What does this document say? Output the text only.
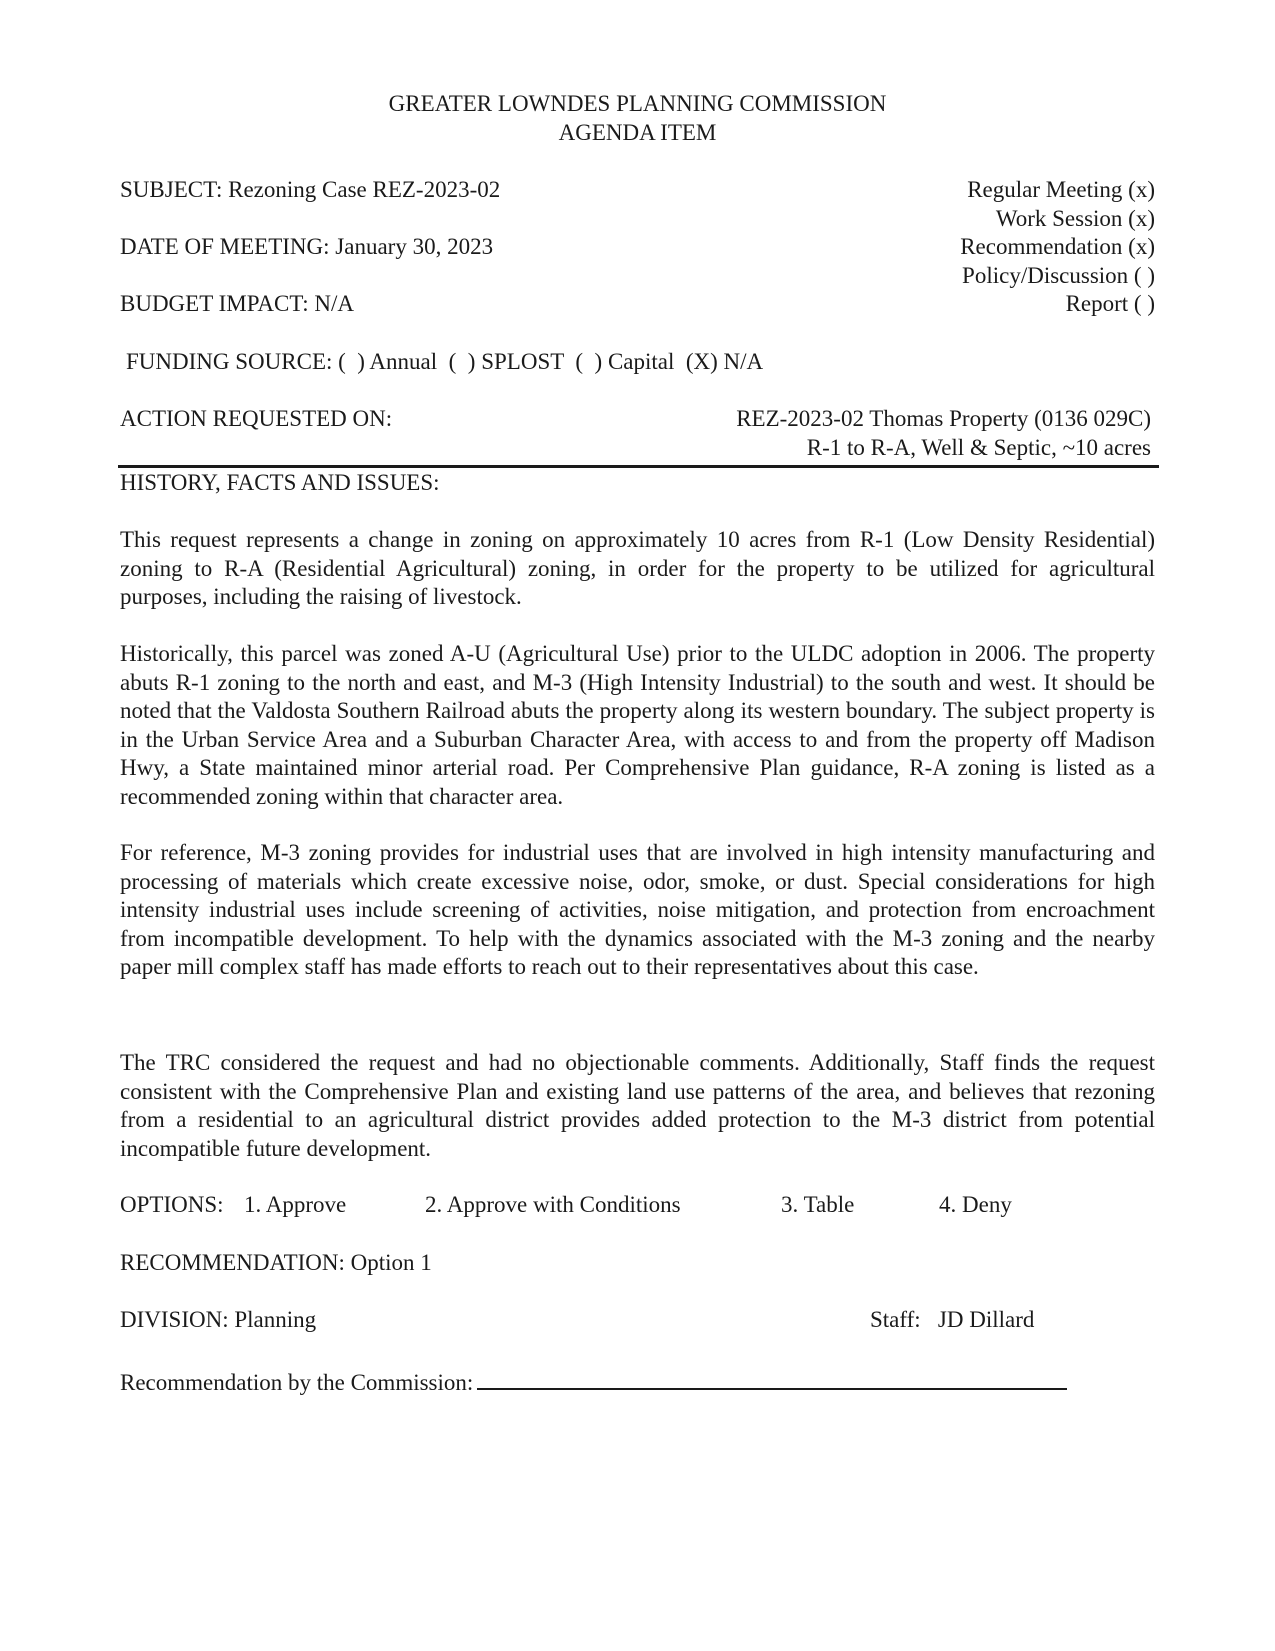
GREATER LOWNDES PLANNING COMMISSION
AGENDA ITEM
SUBJECT: Rezoning Case REZ-2023-02
DATE OF MEETING: January 30, 2023
BUDGET IMPACT: N/A
Regular Meeting (x)
Work Session (x)
Recommendation (x)
Policy/Discussion ( )
Report ( )
FUNDING SOURCE: (  ) Annual  (  ) SPLOST  (  ) Capital  (X) N/A
ACTION REQUESTED ON:	REZ-2023-02 Thomas Property (0136 029C)
R-1 to R-A, Well & Septic, ~10 acres
HISTORY, FACTS AND ISSUES:

This request represents a change in zoning on approximately 10 acres from R-1 (Low Density Residential) zoning to R-A (Residential Agricultural) zoning, in order for the property to be utilized for agricultural purposes, including the raising of livestock.

Historically, this parcel was zoned A-U (Agricultural Use) prior to the ULDC adoption in 2006. The property abuts R-1 zoning to the north and east, and M-3 (High Intensity Industrial) to the south and west. It should be noted that the Valdosta Southern Railroad abuts the property along its western boundary. The subject property is in the Urban Service Area and a Suburban Character Area, with access to and from the property off Madison Hwy, a State maintained minor arterial road. Per Comprehensive Plan guidance, R-A zoning is listed as a recommended zoning within that character area.

For reference, M-3 zoning provides for industrial uses that are involved in high intensity manufacturing and processing of materials which create excessive noise, odor, smoke, or dust. Special considerations for high intensity industrial uses include screening of activities, noise mitigation, and protection from encroachment from incompatible development. To help with the dynamics associated with the M-3 zoning and the nearby paper mill complex staff has made efforts to reach out to their representatives about this case.

The TRC considered the request and had no objectionable comments. Additionally, Staff finds the request consistent with the Comprehensive Plan and existing land use patterns of the area, and believes that rezoning from a residential to an agricultural district provides added protection to the M-3 district from potential incompatible future development.

OPTIONS: 1. Approve	2. Approve with Conditions	3. Table	4. Deny
RECOMMENDATION: Option 1
DIVISION: Planning	Staff:   JD Dillard
Recommendation by the Commission:
